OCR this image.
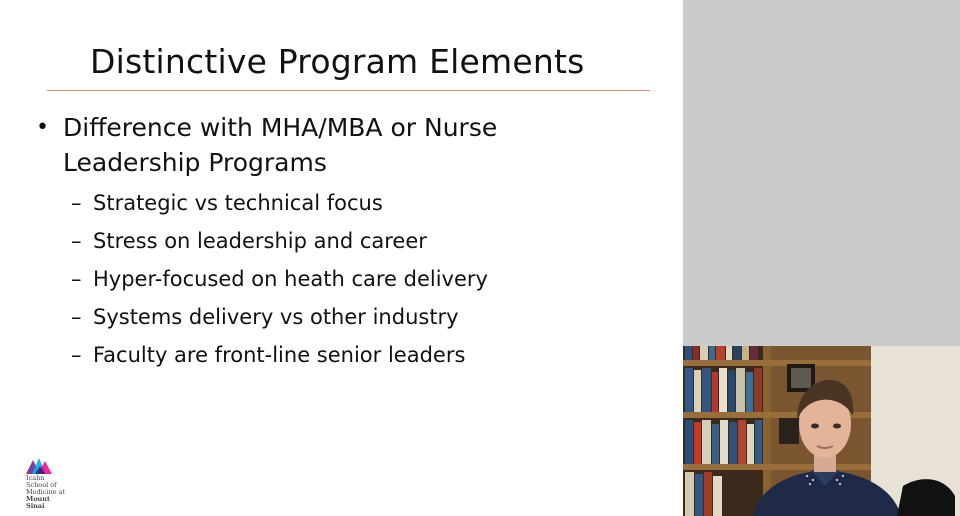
Distinctive Program Elements
• Difference with MHA/MBA or Nurse Leadership Programs
– Strategic vs technical focus
– Stress on leadership and career
– Hyper-focused on heath care delivery
– Systems delivery vs other industry
– Faculty are front-line senior leaders
Icahn
School of
Medicine at
Mount
Sinai
